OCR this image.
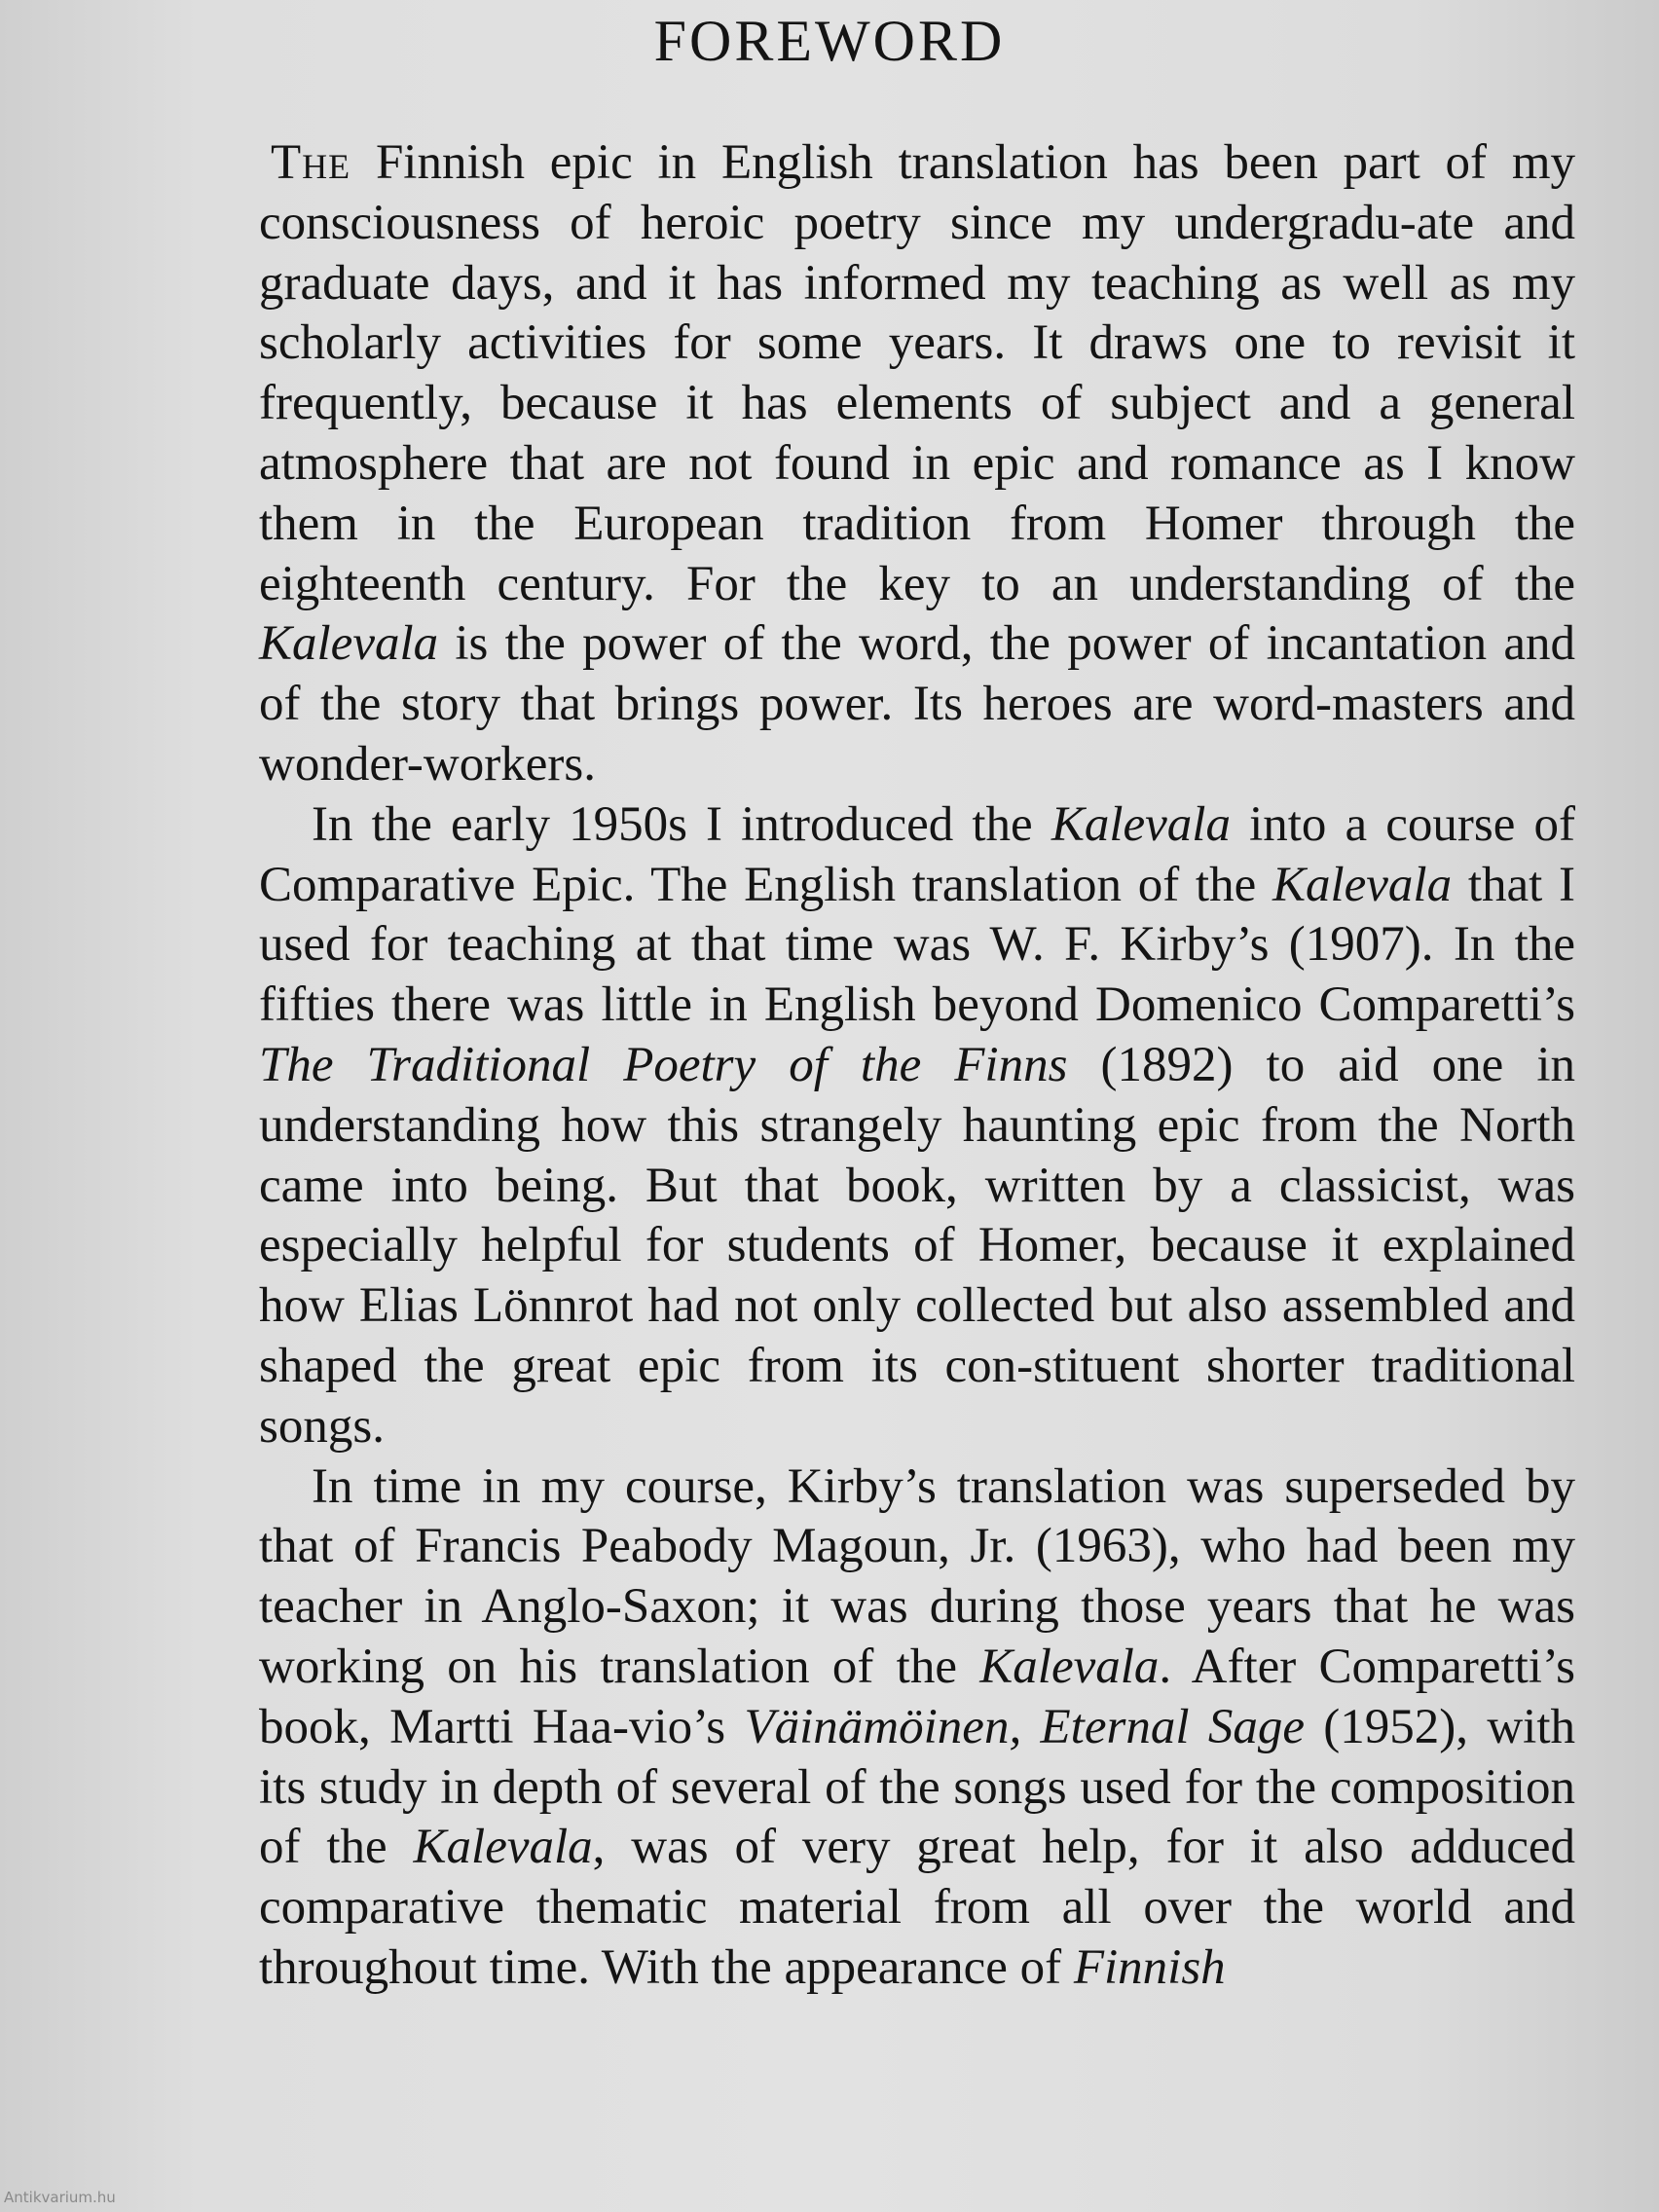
FOREWORD

The Finnish epic in English translation has been part of my consciousness of heroic poetry since my undergradu-ate and graduate days, and it has informed my teaching as well as my scholarly activities for some years. It draws one to revisit it frequently, because it has elements of subject and a general atmosphere that are not found in epic and romance as I know them in the European tradition from Homer through the eighteenth century. For the key to an understanding of the Kalevala is the power of the word, the power of incantation and of the story that brings power. Its heroes are word-masters and wonder-workers.

In the early 1950s I introduced the Kalevala into a course of Comparative Epic. The English translation of the Kalevala that I used for teaching at that time was W. F. Kirby’s (1907). In the fifties there was little in English beyond Domenico Comparetti’s The Traditional Poetry of the Finns (1892) to aid one in understanding how this strangely haunting epic from the North came into being. But that book, written by a classicist, was especially helpful for students of Homer, because it explained how Elias Lönnrot had not only collected but also assembled and shaped the great epic from its con-stituent shorter traditional songs.

In time in my course, Kirby’s translation was superseded by that of Francis Peabody Magoun, Jr. (1963), who had been my teacher in Anglo-Saxon; it was during those years that he was working on his translation of the Kalevala. After Comparetti’s book, Martti Haa-vio’s Väinämöinen, Eternal Sage (1952), with its study in depth of several of the songs used for the composition of the Kalevala, was of very great help, for it also adduced comparative thematic material from all over the world and throughout time. With the appearance of Finnish

Antikvarium.hu
